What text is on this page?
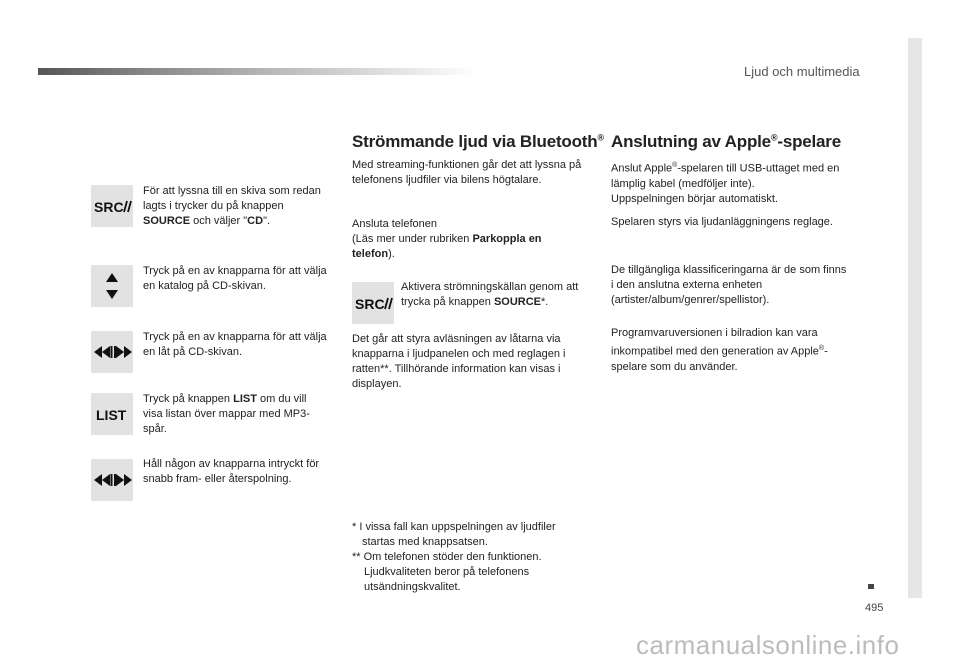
Ljud och multimedia
495
SRC
För att lyssna till en skiva som redan lagts i trycker du på knappen SOURCE och väljer "CD".
Tryck på en av knapparna för att välja en katalog på CD-skivan.
Tryck på en av knapparna för att välja en låt på CD-skivan.
LIST
Tryck på knappen LIST om du vill visa listan över mappar med MP3-spår.
Håll någon av knapparna intryckt för snabb fram- eller återspolning.
Strömmande ljud via Bluetooth®
Med streaming-funktionen går det att lyssna på telefonens ljudfiler via bilens högtalare.
Ansluta telefonen
(Läs mer under rubriken Parkoppla en telefon).
SRC
Aktivera strömningskällan genom att trycka på knappen SOURCE*.
Det går att styra avläsningen av låtarna via knapparna i ljudpanelen och med reglagen i ratten**. Tillhörande information kan visas i displayen.
* I vissa fall kan uppspelningen av ljudfiler
startas med knappsatsen.
** Om telefonen stöder den funktionen.
Ljudkvaliteten beror på telefonens
utsändningskvalitet.
Anslutning av Apple®-spelare
Anslut Apple®-spelaren till USB-uttaget med en lämplig kabel (medföljer inte).
Uppspelningen börjar automatiskt.
Spelaren styrs via ljudanläggningens reglage.
De tillgängliga klassificeringarna är de som finns i den anslutna externa enheten (artister/album/genrer/spellistor).
Programvaruversionen i bilradion kan vara inkompatibel med den generation av Apple®-spelare som du använder.
carmanualsonline.info
